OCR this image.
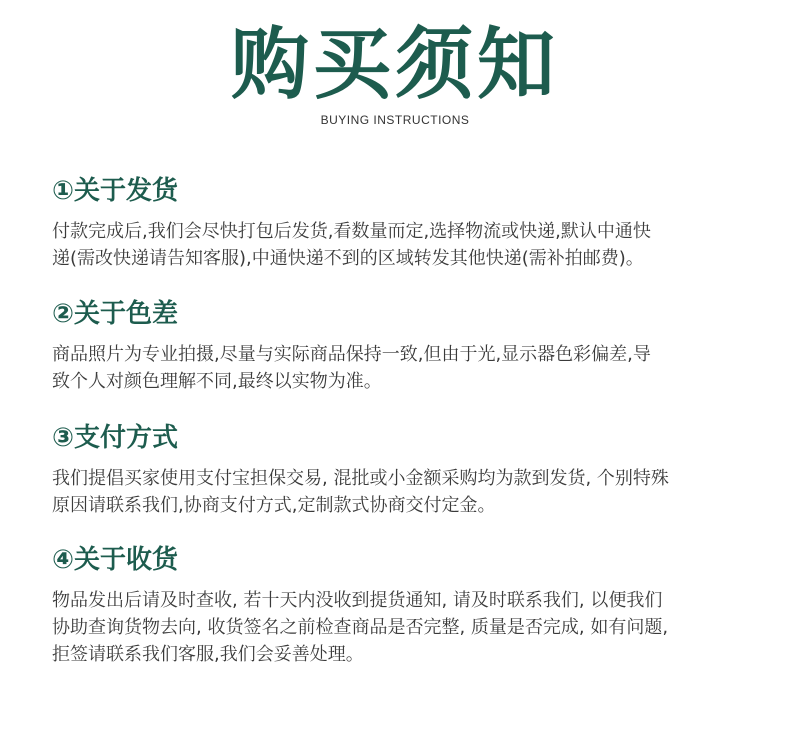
购买须知
BUYING INSTRUCTIONS
①关于发货
付款完成后,我们会尽快打包后发货,看数量而定,选择物流或快递,默认中通快
递(需改快递请告知客服),中通快递不到的区域转发其他快递(需补拍邮费)。
②关于色差
商品照片为专业拍摄,尽量与实际商品保持一致,但由于光,显示器色彩偏差,导
致个人对颜色理解不同,最终以实物为准。
③支付方式
我们提倡买家使用支付宝担保交易, 混批或小金额采购均为款到发货, 个别特殊
原因请联系我们,协商支付方式,定制款式协商交付定金。
④关于收货
物品发出后请及时查收, 若十天内没收到提货通知, 请及时联系我们, 以便我们
协助查询货物去向, 收货签名之前检查商品是否完整, 质量是否完成, 如有问题,
拒签请联系我们客服,我们会妥善处理。
